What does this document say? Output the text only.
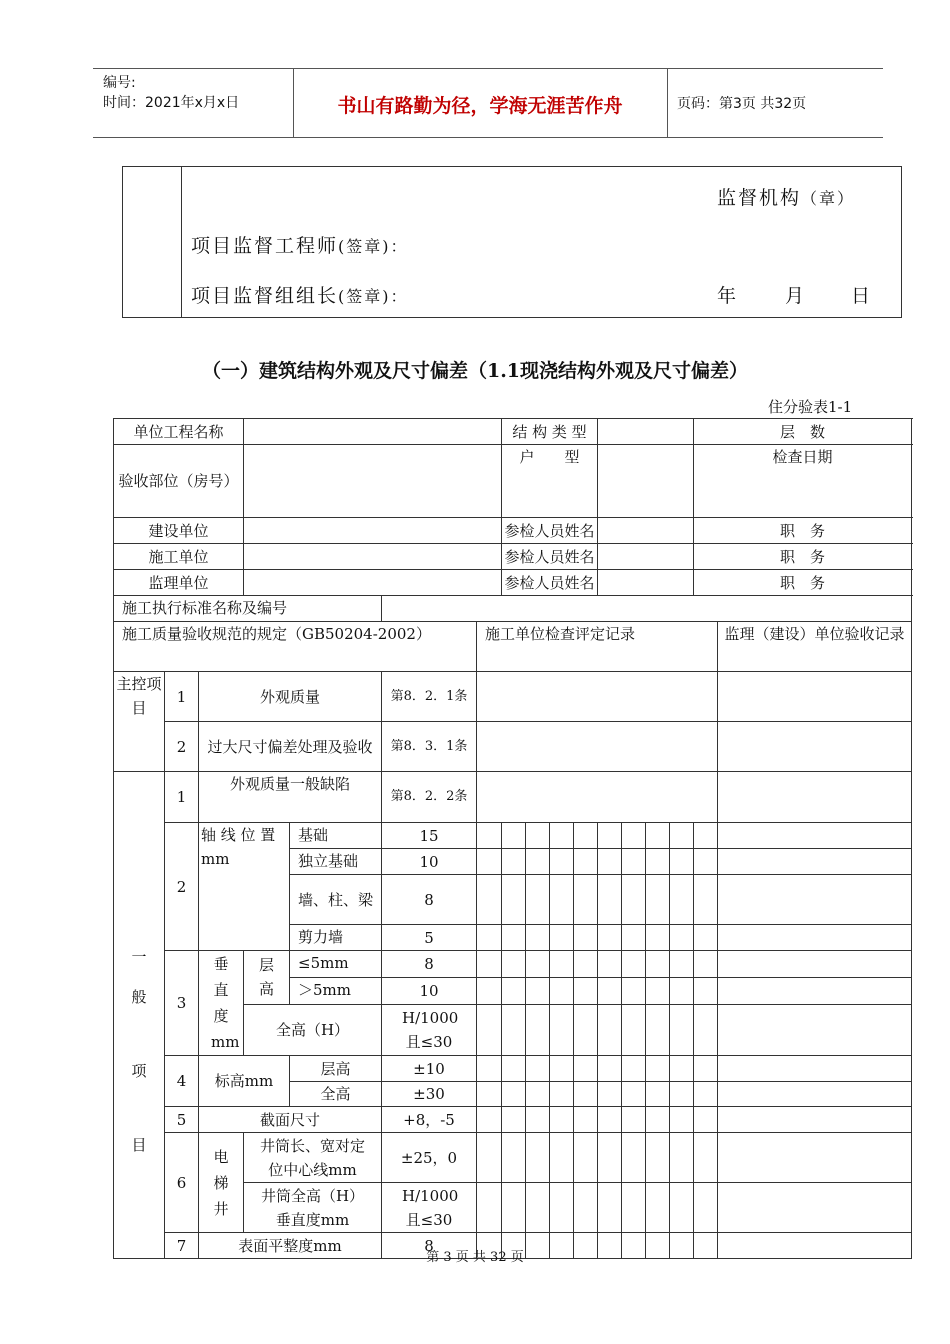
编号:
时间：2021年x月x日	书山有路勤为径，学海无涯苦作舟	页码：第3页 共32页
监督机构（章）
项目监督工程师(签章)：
项目监督组组长(签章)：	年 月 日
（一）建筑结构外观及尺寸偏差（1.1现浇结构外观及尺寸偏差）
住分验表1-1
单位工程名称							结 构 类 型								层　数		
验收部位（房号）							户　　型								检查日期	
建设单位							参检人员姓名								职　务		
施工单位							参检人员姓名								职　务		
监理单位							参检人员姓名								职　务		
施工执行标准名称及编号																	
施工质量验收规范的规定（GB50204-2002）						施工单位检查评定记录										监理（建设）单位验收记录	
主控项目	1	外观质量			第8．2．1条												
	2	过大尺寸偏差处理及验收			第8．3．1条												

一
般
项
目	1	外观质量一般缺陷			第8．2．2条												
	2	轴 线 位 置 mm		基础	15												
				独立基础	10												
				墙、柱、梁	8												
				剪力墙	5												
	3	垂直度mm	层高	≤5mm	8												
				＞5mm	10												
			全高（H）		H/1000且≤30												
	4	标高mm		层高	±10												
				全高	±30												
	5	截面尺寸			+8，-5												
	6	电梯井	井筒长、宽对定位中心线mm		±25，0												
			井筒全高（H）垂直度mm		H/1000且≤30												
	7	表面平整度mm			8												
第 3 页 共 32 页
